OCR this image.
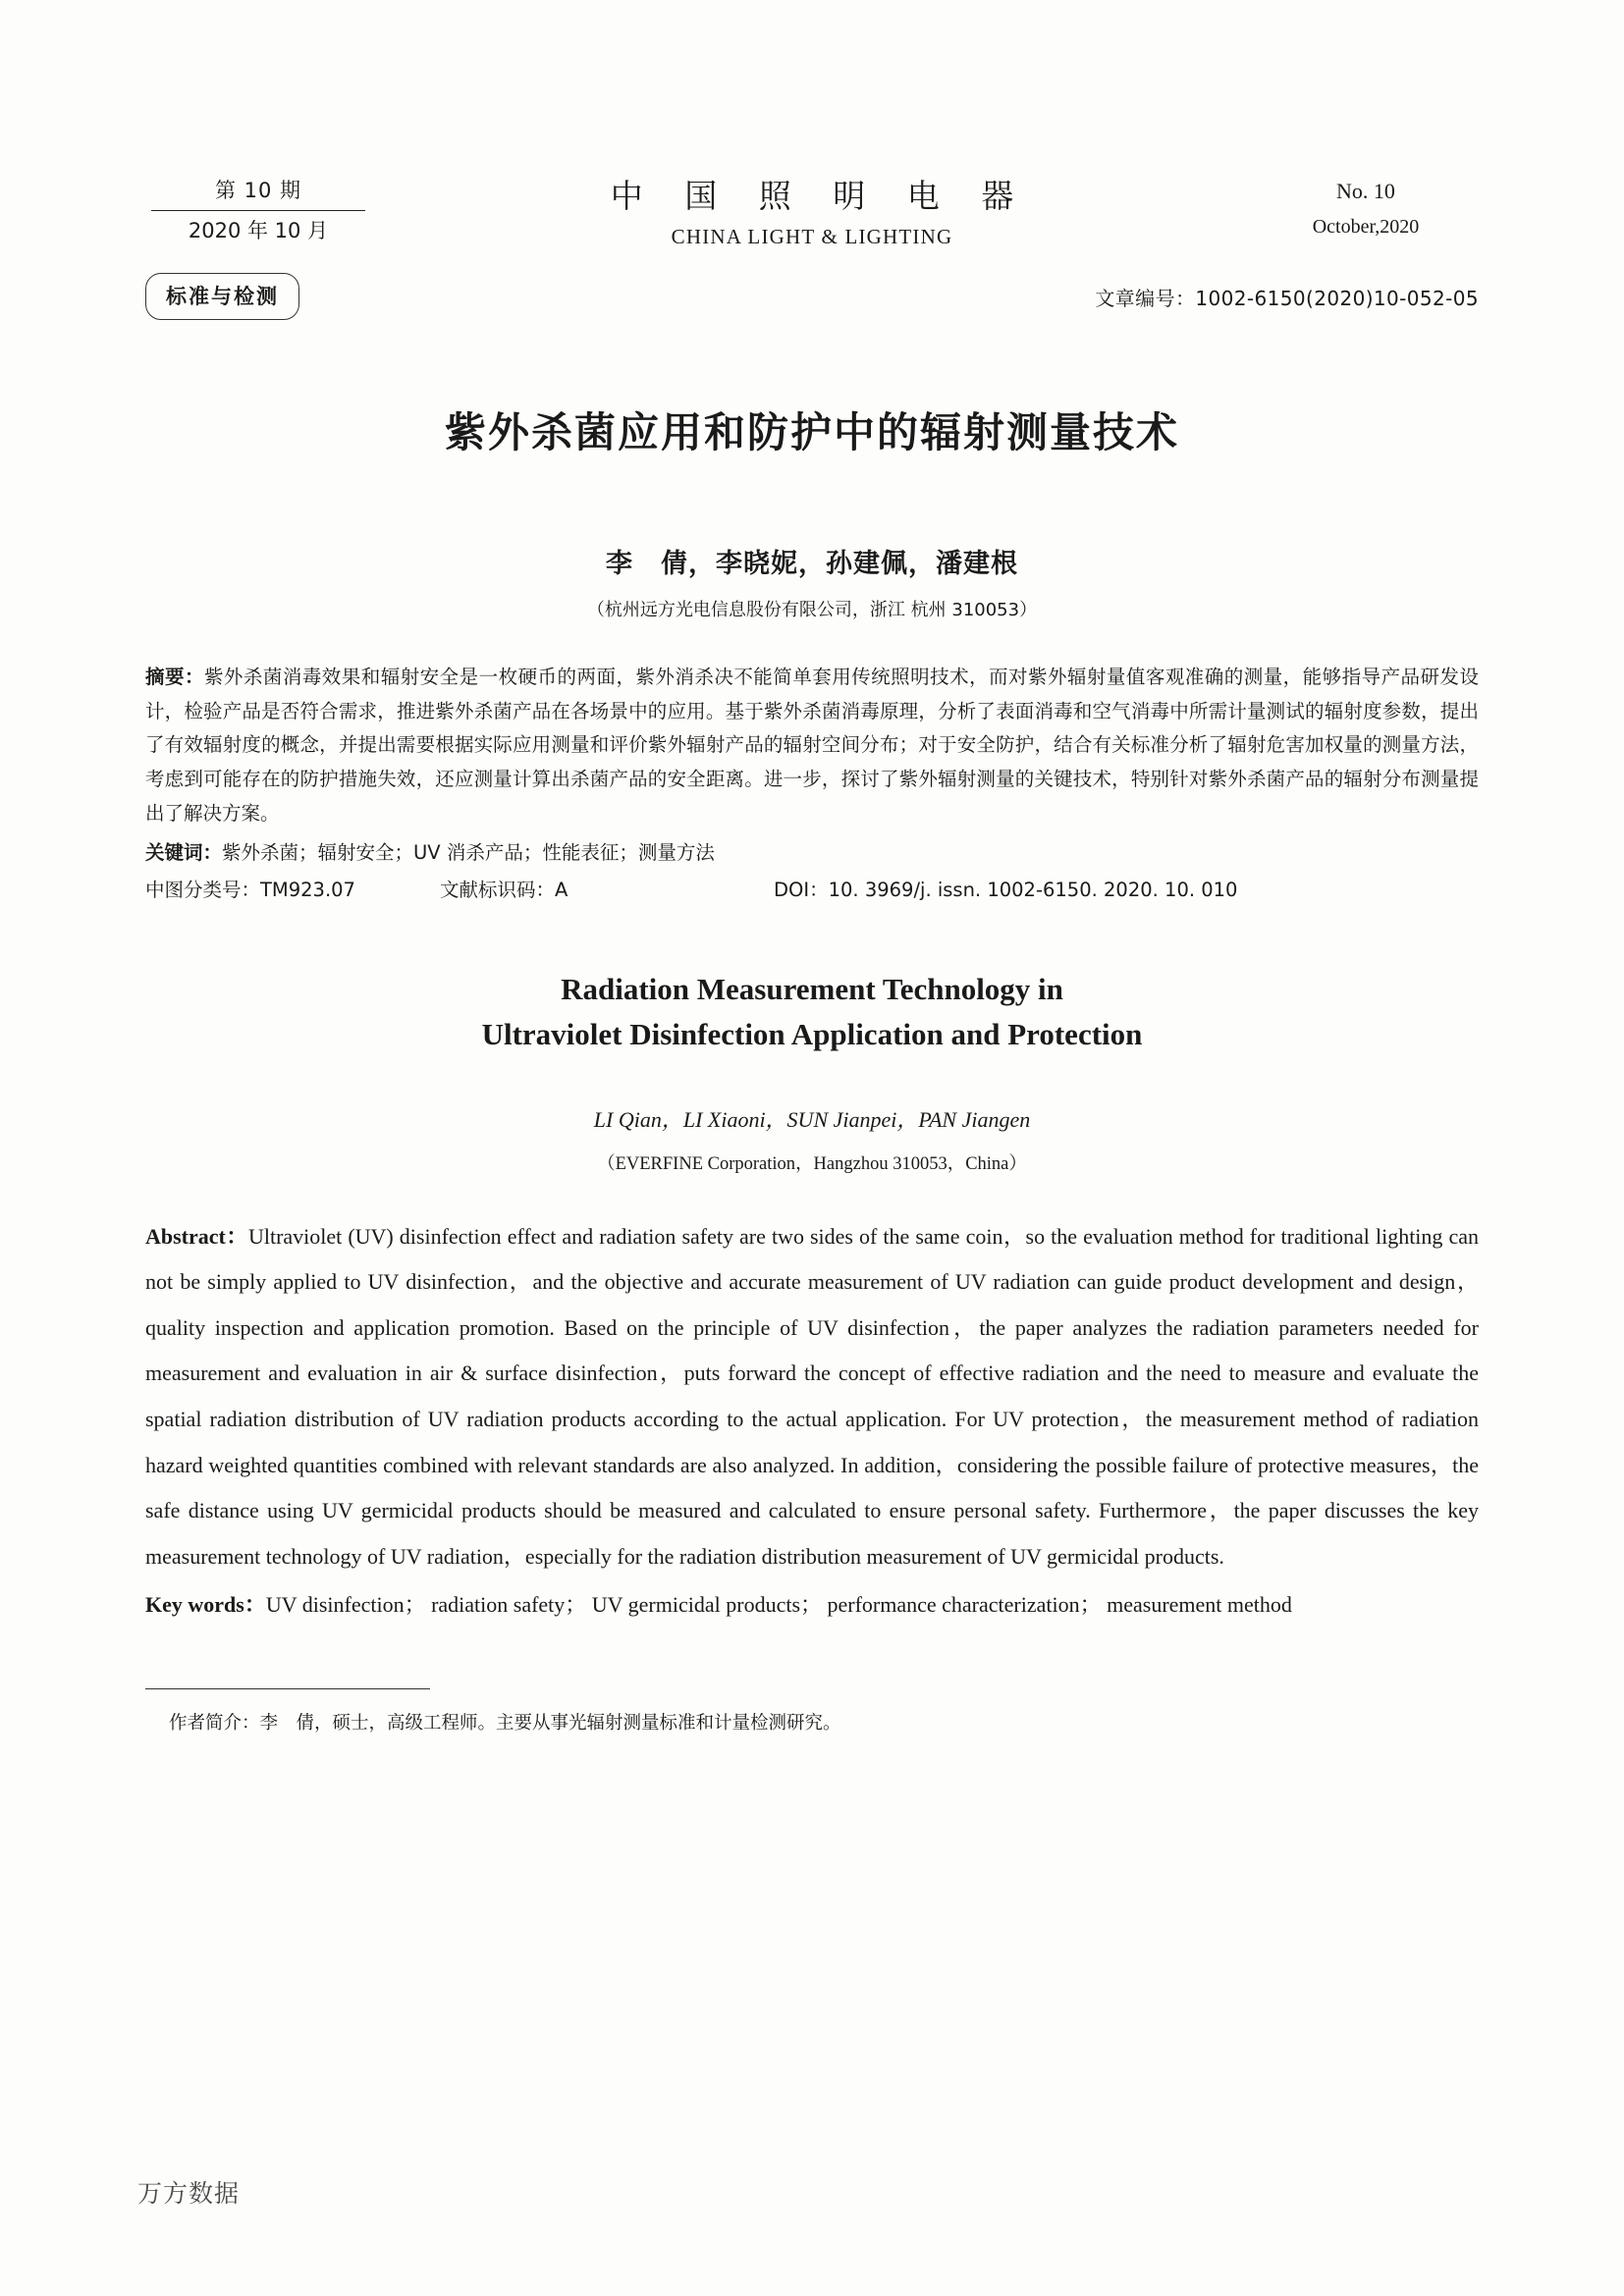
第 10 期
2020 年 10 月
中 国 照 明 电 器
CHINA LIGHT & LIGHTING
No. 10
October,2020
标准与检测	文章编号：1002-6150(2020)10-052-05
紫外杀菌应用和防护中的辐射测量技术
李　倩，李晓妮，孙建佩，潘建根
（杭州远方光电信息股份有限公司，浙江 杭州 310053）
摘要：紫外杀菌消毒效果和辐射安全是一枚硬币的两面，紫外消杀决不能简单套用传统照明技术，而对紫外辐射量值客观准确的测量，能够指导产品研发设计，检验产品是否符合需求，推进紫外杀菌产品在各场景中的应用。基于紫外杀菌消毒原理，分析了表面消毒和空气消毒中所需计量测试的辐射度参数，提出了有效辐射度的概念，并提出需要根据实际应用测量和评价紫外辐射产品的辐射空间分布；对于安全防护，结合有关标准分析了辐射危害加权量的测量方法，考虑到可能存在的防护措施失效，还应测量计算出杀菌产品的安全距离。进一步，探讨了紫外辐射测量的关键技术，特别针对紫外杀菌产品的辐射分布测量提出了解决方案。
关键词：紫外杀菌；辐射安全；UV 消杀产品；性能表征；测量方法
中图分类号：TM923.07	文献标识码：A	DOI：10. 3969/j. issn. 1002-6150. 2020. 10. 010
Radiation Measurement Technology in
Ultraviolet Disinfection Application and Protection
LI Qian，LI Xiaoni，SUN Jianpei，PAN Jiangen
（EVERFINE Corporation，Hangzhou 310053，China）
Abstract：Ultraviolet (UV) disinfection effect and radiation safety are two sides of the same coin，so the evaluation method for traditional lighting can not be simply applied to UV disinfection，and the objective and accurate measurement of UV radiation can guide product development and design，quality inspection and application promotion. Based on the principle of UV disinfection，the paper analyzes the radiation parameters needed for measurement and evaluation in air & surface disinfection，puts forward the concept of effective radiation and the need to measure and evaluate the spatial radiation distribution of UV radiation products according to the actual application. For UV protection，the measurement method of radiation hazard weighted quantities combined with relevant standards are also analyzed. In addition，considering the possible failure of protective measures，the safe distance using UV germicidal products should be measured and calculated to ensure personal safety. Furthermore，the paper discusses the key measurement technology of UV radiation，especially for the radiation distribution measurement of UV germicidal products.
Key words：UV disinfection； radiation safety； UV germicidal products； performance characterization； measurement method
作者简介：李　倩，硕士，高级工程师。主要从事光辐射测量标准和计量检测研究。
万方数据
